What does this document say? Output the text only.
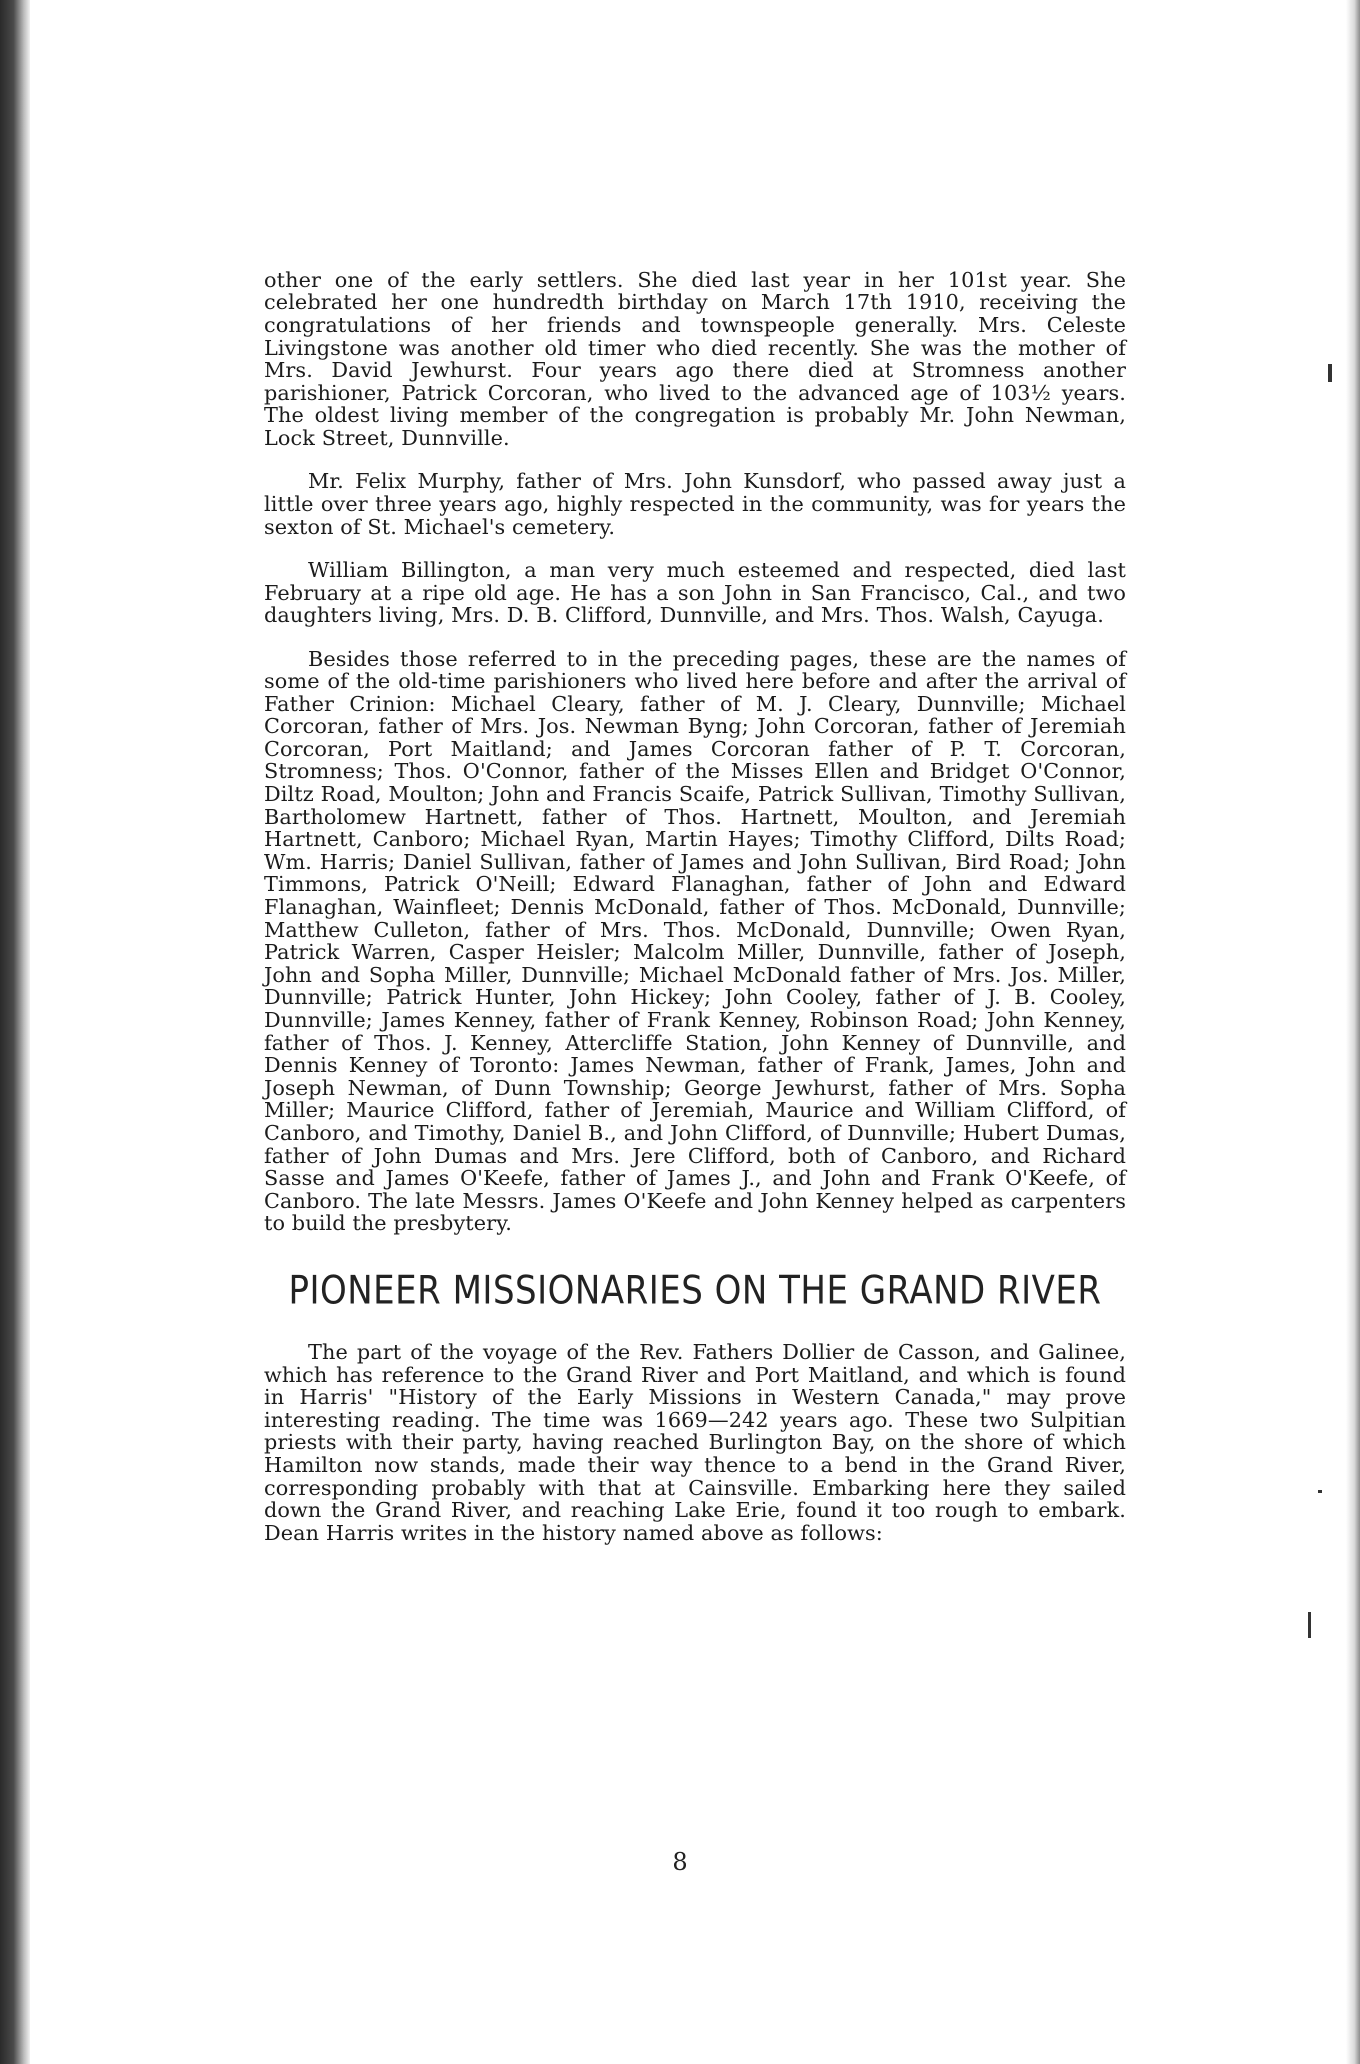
other one of the early settlers. She died last year in her 101st year. She celebrated her one hundredth birthday on March 17th 1910, receiving the congratulations of her friends and townspeople generally. Mrs. Celeste Livingstone was another old timer who died recently. She was the mother of Mrs. David Jewhurst. Four years ago there died at Stromness another parishioner, Patrick Corcoran, who lived to the advanced age of 103½ years. The oldest living member of the congregation is probably Mr. John Newman, Lock Street, Dunnville.

Mr. Felix Murphy, father of Mrs. John Kunsdorf, who passed away just a little over three years ago, highly respected in the community, was for years the sexton of St. Michael's cemetery.

William Billington, a man very much esteemed and respected, died last February at a ripe old age. He has a son John in San Francisco, Cal., and two daughters living, Mrs. D. B. Clifford, Dunnville, and Mrs. Thos. Walsh, Cayuga.

Besides those referred to in the preceding pages, these are the names of some of the old-time parishioners who lived here before and after the arrival of Father Crinion: Michael Cleary, father of M. J. Cleary, Dunnville; Michael Corcoran, father of Mrs. Jos. Newman Byng; John Corcoran, father of Jeremiah Corcoran, Port Maitland; and James Corcoran father of P. T. Corcoran, Stromness; Thos. O'Connor, father of the Misses Ellen and Bridget O'Connor, Diltz Road, Moulton; John and Francis Scaife, Patrick Sullivan, Timothy Sullivan, Bartholomew Hartnett, father of Thos. Hartnett, Moulton, and Jeremiah Hartnett, Canboro; Michael Ryan, Martin Hayes; Timothy Clifford, Dilts Road; Wm. Harris; Daniel Sullivan, father of James and John Sullivan, Bird Road; John Timmons, Patrick O'Neill; Edward Flanaghan, father of John and Edward Flanaghan, Wainfleet; Dennis McDonald, father of Thos. McDonald, Dunnville; Matthew Culleton, father of Mrs. Thos. McDonald, Dunnville; Owen Ryan, Patrick Warren, Casper Heisler; Malcolm Miller, Dunnville, father of Joseph, John and Sopha Miller, Dunnville; Michael McDonald father of Mrs. Jos. Miller, Dunnville; Patrick Hunter, John Hickey; John Cooley, father of J. B. Cooley, Dunnville; James Kenney, father of Frank Kenney, Robinson Road; John Kenney, father of Thos. J. Kenney, Attercliffe Station, John Kenney of Dunnville, and Dennis Kenney of Toronto: James Newman, father of Frank, James, John and Joseph Newman, of Dunn Township; George Jewhurst, father of Mrs. Sopha Miller; Maurice Clifford, father of Jeremiah, Maurice and William Clifford, of Canboro, and Timothy, Daniel B., and John Clifford, of Dunnville; Hubert Dumas, father of John Dumas and Mrs. Jere Clifford, both of Canboro, and Richard Sasse and James O'Keefe, father of James J., and John and Frank O'Keefe, of Canboro. The late Messrs. James O'Keefe and John Kenney helped as carpenters to build the presbytery.

PIONEER MISSIONARIES ON THE GRAND RIVER

The part of the voyage of the Rev. Fathers Dollier de Casson, and Galinee, which has reference to the Grand River and Port Maitland, and which is found in Harris' "History of the Early Missions in Western Canada," may prove interesting reading. The time was 1669—242 years ago. These two Sulpitian priests with their party, having reached Burlington Bay, on the shore of which Hamilton now stands, made their way thence to a bend in the Grand River, corresponding probably with that at Cainsville. Embarking here they sailed down the Grand River, and reaching Lake Erie, found it too rough to embark. Dean Harris writes in the history named above as follows:

8
